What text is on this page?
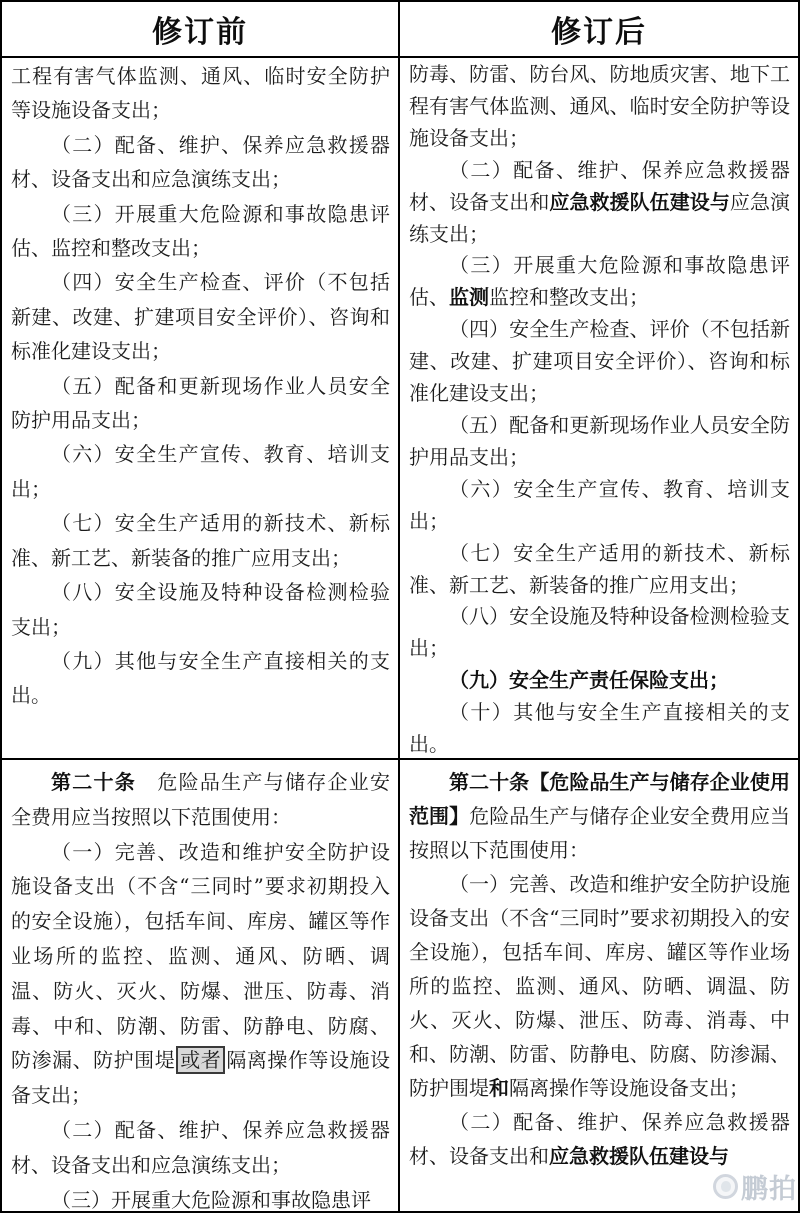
修订前	修订后

工程有害气体监测、通风、临时安全防护等设施设备支出；

（二）配备、维护、保养应急救援器材、设备支出和应急演练支出；

（三）开展重大危险源和事故隐患评估、监控和整改支出；

（四）安全生产检查、评价（不包括新建、改建、扩建项目安全评价）、咨询和标准化建设支出；

（五）配备和更新现场作业人员安全防护用品支出；

（六）安全生产宣传、教育、培训支出；

（七）安全生产适用的新技术、新标准、新工艺、新装备的推广应用支出；

（八）安全设施及特种设备检测检验支出；

（九）其他与安全生产直接相关的支出。

防毒、防雷、防台风、防地质灾害、地下工程有害气体监测、通风、临时安全防护等设施设备支出；

（二）配备、维护、保养应急救援器材、设备支出和应急救援队伍建设与应急演练支出；

（三）开展重大危险源和事故隐患评估、监测监控和整改支出；

（四）安全生产检查、评价（不包括新建、改建、扩建项目安全评价）、咨询和标准化建设支出；

（五）配备和更新现场作业人员安全防护用品支出；

（六）安全生产宣传、教育、培训支出；

（七）安全生产适用的新技术、新标准、新工艺、新装备的推广应用支出；

（八）安全设施及特种设备检测检验支出；

（九）安全生产责任保险支出；

（十）其他与安全生产直接相关的支出。

第二十条　危险品生产与储存企业安全费用应当按照以下范围使用：

（一）完善、改造和维护安全防护设施设备支出（不含“三同时”要求初期投入的安全设施），包括车间、库房、罐区等作业场所的监控、监测、通风、防晒、调温、防火、灭火、防爆、泄压、防毒、消毒、中和、防潮、防雷、防静电、防腐、防渗漏、防护围堤 或者 隔离操作等设施设备支出；

（二）配备、维护、保养应急救援器材、设备支出和应急演练支出；

（三）开展重大危险源和事故隐患评

第二十条【危险品生产与储存企业使用范围】危险品生产与储存企业安全费用应当按照以下范围使用：

（一）完善、改造和维护安全防护设施设备支出（不含“三同时”要求初期投入的安全设施），包括车间、库房、罐区等作业场所的监控、监测、通风、防晒、调温、防火、灭火、防爆、泄压、防毒、消毒、中和、防潮、防雷、防静电、防腐、防渗漏、防护围堤和隔离操作等设施设备支出；

（二）配备、维护、保养应急救援器材、设备支出和应急救援队伍建设与

鹏拍
